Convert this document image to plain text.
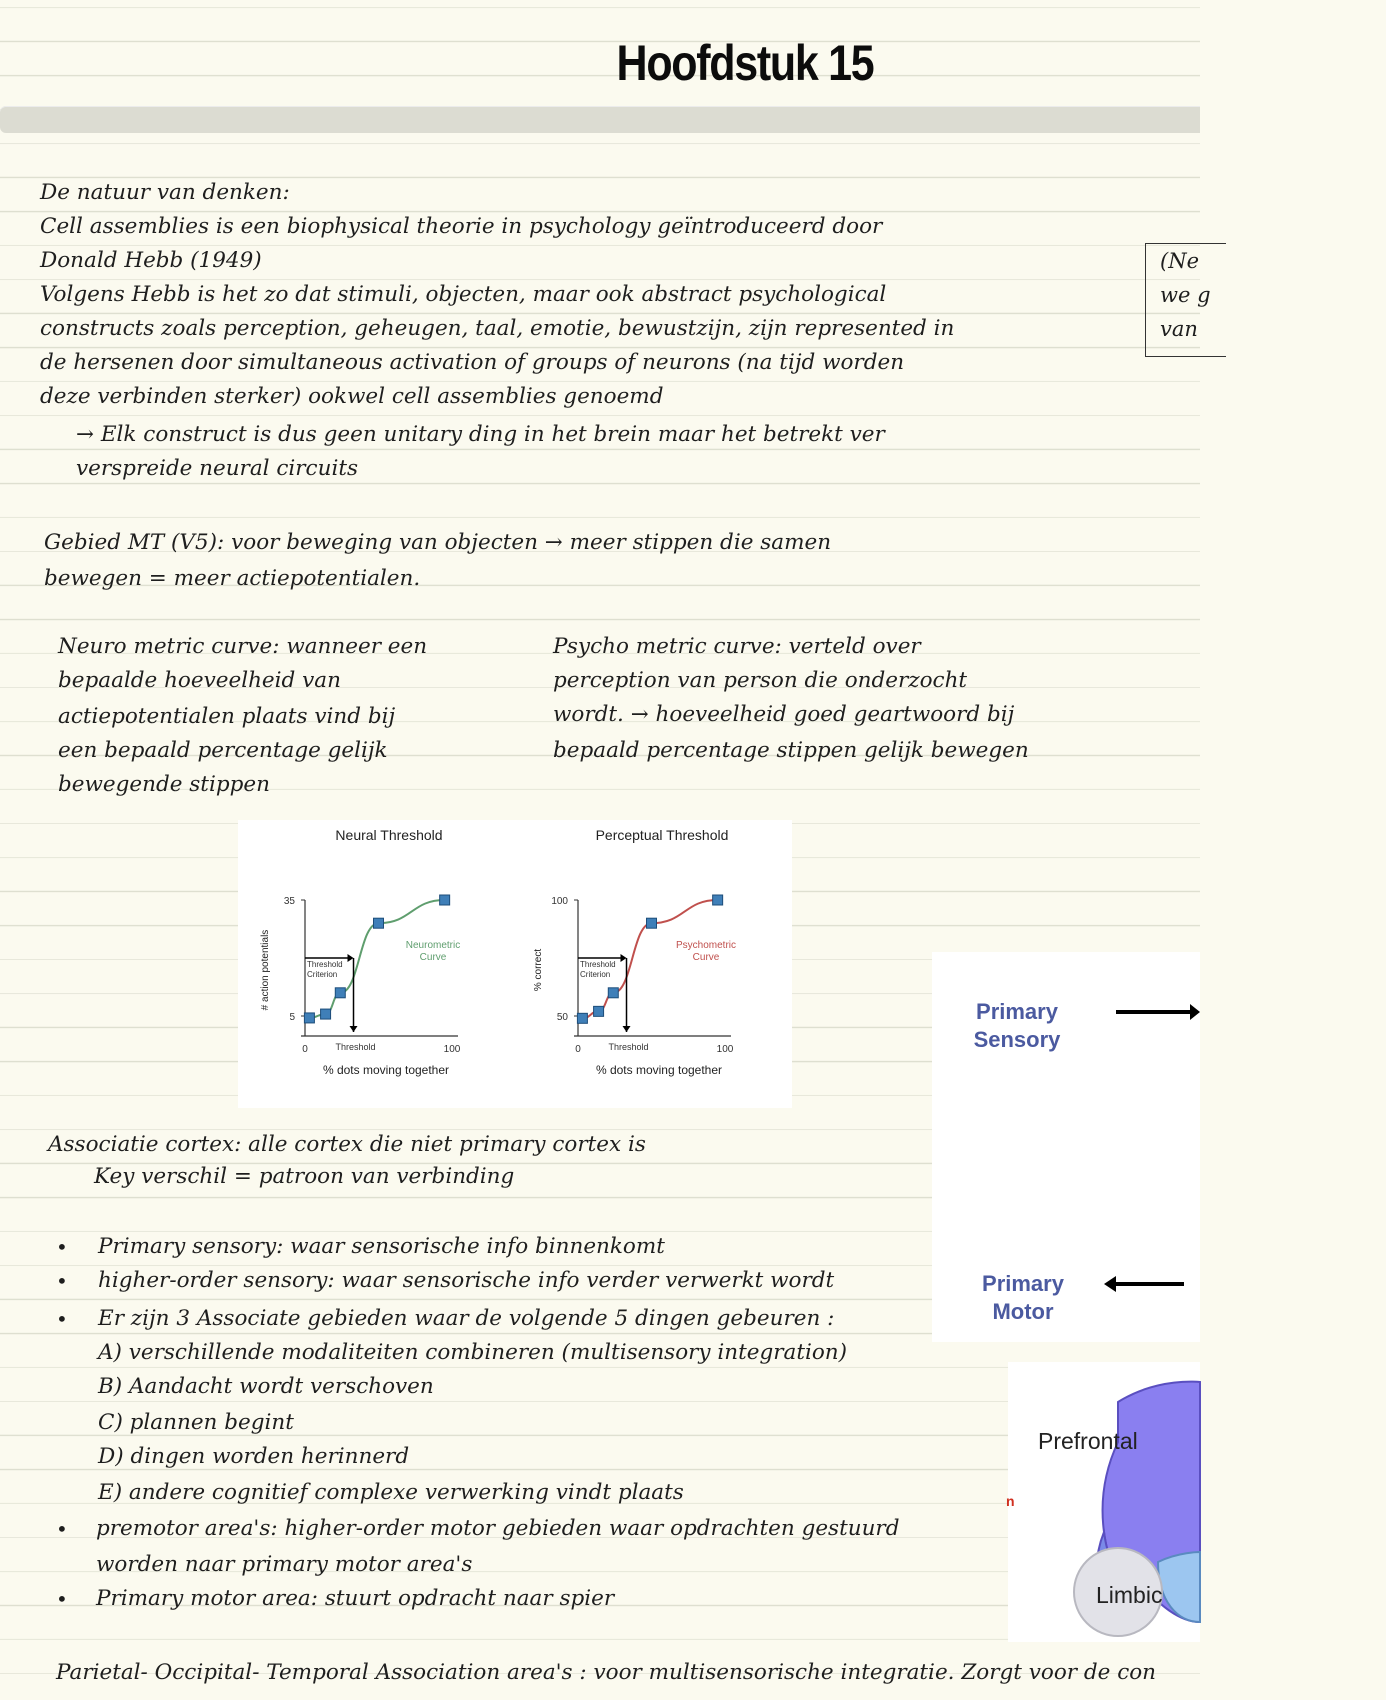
Hoofdstuk 15
De natuur van denken:
Cell assemblies is een biophysical theorie in psychology geïntroduceerd door
Donald Hebb (1949)
Volgens Hebb is het zo dat stimuli, objecten, maar ook abstract psychological
constructs zoals perception, geheugen, taal, emotie, bewustzijn, zijn represented in
de hersenen door simultaneous activation of groups of neurons (na tijd worden
deze verbinden sterker) ookwel cell assemblies genoemd
→ Elk construct is dus geen unitary ding in het brein maar het betrekt ver
verspreide neural circuits
(Ne
we g
van
Gebied MT (V5): voor beweging van objecten → meer stippen die samen
bewegen = meer actiepotentialen.
Neuro metric curve: wanneer een
bepaalde hoeveelheid van
actiepotentialen plaats vind bij
een bepaald percentage gelijk
bewegende stippen
Psycho metric curve: verteld over
perception van person die onderzocht
wordt. → hoeveelheid goed geartwoord bij
bepaald percentage stippen gelijk bewegen
Neural Threshold
35
5
0	Threshold	100
% dots moving together
# action potentials	Threshold
Criterion
Neurometric
Curve
Perceptual Threshold
100
50
0	Threshold	100
% dots moving together
% correct	Threshold
Criterion
Psychometric
Curve
Primary
Sensory
Primary
Motor
Prefrontal
Limbic
n
Associatie cortex: alle cortex die niet primary cortex is
Key verschil = patroon van verbinding
• Primary sensory: waar sensorische info binnenkomt
• higher-order sensory: waar sensorische info verder verwerkt wordt
• Er zijn 3 Associate gebieden waar de volgende 5 dingen gebeuren :
A) verschillende modaliteiten combineren (multisensory integration)
B) Aandacht wordt verschoven
C) plannen begint
D) dingen worden herinnerd
E) andere cognitief complexe verwerking vindt plaats
• premotor area's: higher-order motor gebieden waar opdrachten gestuurd
worden naar primary motor area's
• Primary motor area: stuurt opdracht naar spier
Parietal- Occipital- Temporal Association area's : voor multisensorische integratie. Zorgt voor de con
